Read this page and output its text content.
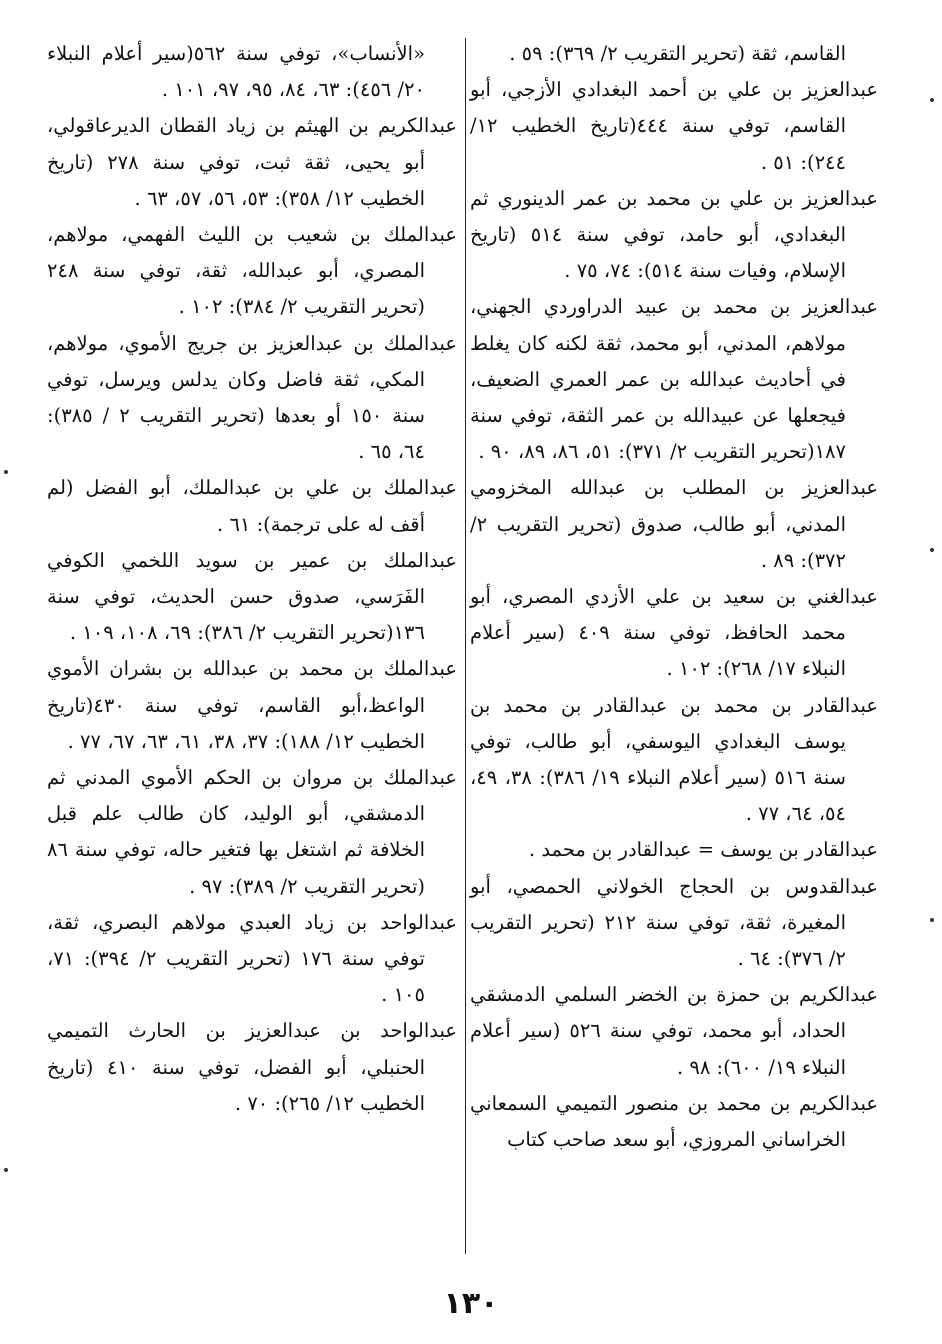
القاسم، ثقة (تحرير التقريب ٢/ ٣٦٩): ٥٩ .

عبدالعزيز بن علي بن أحمد البغدادي الأزجي، أبو القاسم، توفي سنة ٤٤٤(تاريخ الخطيب ١٢/ ٢٤٤): ٥١ .

عبدالعزيز بن علي بن محمد بن عمر الدينوري ثم البغدادي، أبو حامد، توفي سنة ٥١٤ (تاريخ الإسلام، وفيات سنة ٥١٤): ٧٤، ٧٥ .

عبدالعزيز بن محمد بن عبيد الدراوردي الجهني، مولاهم، المدني، أبو محمد، ثقة لكنه كان يغلط في أحاديث عبدالله بن عمر العمري الضعيف، فيجعلها عن عبيدالله بن عمر الثقة، توفي سنة ١٨٧(تحرير التقريب ٢/ ٣٧١): ٥١، ٨٦، ٨٩، ٩٠ .

عبدالعزيز بن المطلب بن عبدالله المخزومي المدني، أبو طالب، صدوق (تحرير التقريب ٢/ ٣٧٢): ٨٩ .

عبدالغني بن سعيد بن علي الأزدي المصري، أبو محمد الحافظ، توفي سنة ٤٠٩ (سير أعلام النبلاء ١٧/ ٢٦٨): ١٠٢ .

عبدالقادر بن محمد بن عبدالقادر بن محمد بن يوسف البغدادي اليوسفي، أبو طالب، توفي سنة ٥١٦ (سير أعلام النبلاء ١٩/ ٣٨٦): ٣٨، ٤٩، ٥٤، ٦٤، ٧٧ .

عبدالقادر بن يوسف = عبدالقادر بن محمد .

عبدالقدوس بن الحجاج الخولاني الحمصي، أبو المغيرة، ثقة، توفي سنة ٢١٢ (تحرير التقريب ٢/ ٣٧٦): ٦٤ .

عبدالكريم بن حمزة بن الخضر السلمي الدمشقي الحداد، أبو محمد، توفي سنة ٥٢٦ (سير أعلام النبلاء ١٩/ ٦٠٠): ٩٨ .

عبدالكريم بن محمد بن منصور التميمي السمعاني الخراساني المروزي، أبو سعد صاحب كتاب

«الأنساب»، توفي سنة ٥٦٢(سير أعلام النبلاء ٢٠/ ٤٥٦): ٦٣، ٨٤، ٩٥، ٩٧، ١٠١ .

عبدالكريم بن الهيثم بن زياد القطان الديرعاقولي، أبو يحيى، ثقة ثبت، توفي سنة ٢٧٨ (تاريخ الخطيب ١٢/ ٣٥٨): ٥٣، ٥٦، ٥٧، ٦٣ .

عبدالملك بن شعيب بن الليث الفهمي، مولاهم، المصري، أبو عبدالله، ثقة، توفي سنة ٢٤٨ (تحرير التقريب ٢/ ٣٨٤): ١٠٢ .

عبدالملك بن عبدالعزيز بن جريج الأموي، مولاهم، المكي، ثقة فاضل وكان يدلس ويرسل، توفي سنة ١٥٠ أو بعدها (تحرير التقريب ٢ / ٣٨٥): ٦٤، ٦٥ .

عبدالملك بن علي بن عبدالملك، أبو الفضل (لم أقف له على ترجمة): ٦١ .

عبدالملك بن عمير بن سويد اللخمي الكوفي الفَرَسي، صدوق حسن الحديث، توفي سنة ١٣٦(تحرير التقريب ٢/ ٣٨٦): ٦٩، ١٠٨، ١٠٩ .

عبدالملك بن محمد بن عبدالله بن بشران الأموي الواعظ،أبو القاسم، توفي سنة ٤٣٠(تاريخ الخطيب ١٢/ ١٨٨): ٣٧، ٣٨، ٦١، ٦٣، ٦٧، ٧٧ .

عبدالملك بن مروان بن الحكم الأموي المدني ثم الدمشقي، أبو الوليد، كان طالب علم قبل الخلافة ثم اشتغل بها فتغير حاله، توفي سنة ٨٦ (تحرير التقريب ٢/ ٣٨٩): ٩٧ .

عبدالواحد بن زياد العبدي مولاهم البصري، ثقة، توفي سنة ١٧٦ (تحرير التقريب ٢/ ٣٩٤): ٧١، ١٠٥ .

عبدالواحد بن عبدالعزيز بن الحارث التميمي الحنبلي، أبو الفضل، توفي سنة ٤١٠ (تاريخ الخطيب ١٢/ ٢٦٥): ٧٠ .

١٣٠
